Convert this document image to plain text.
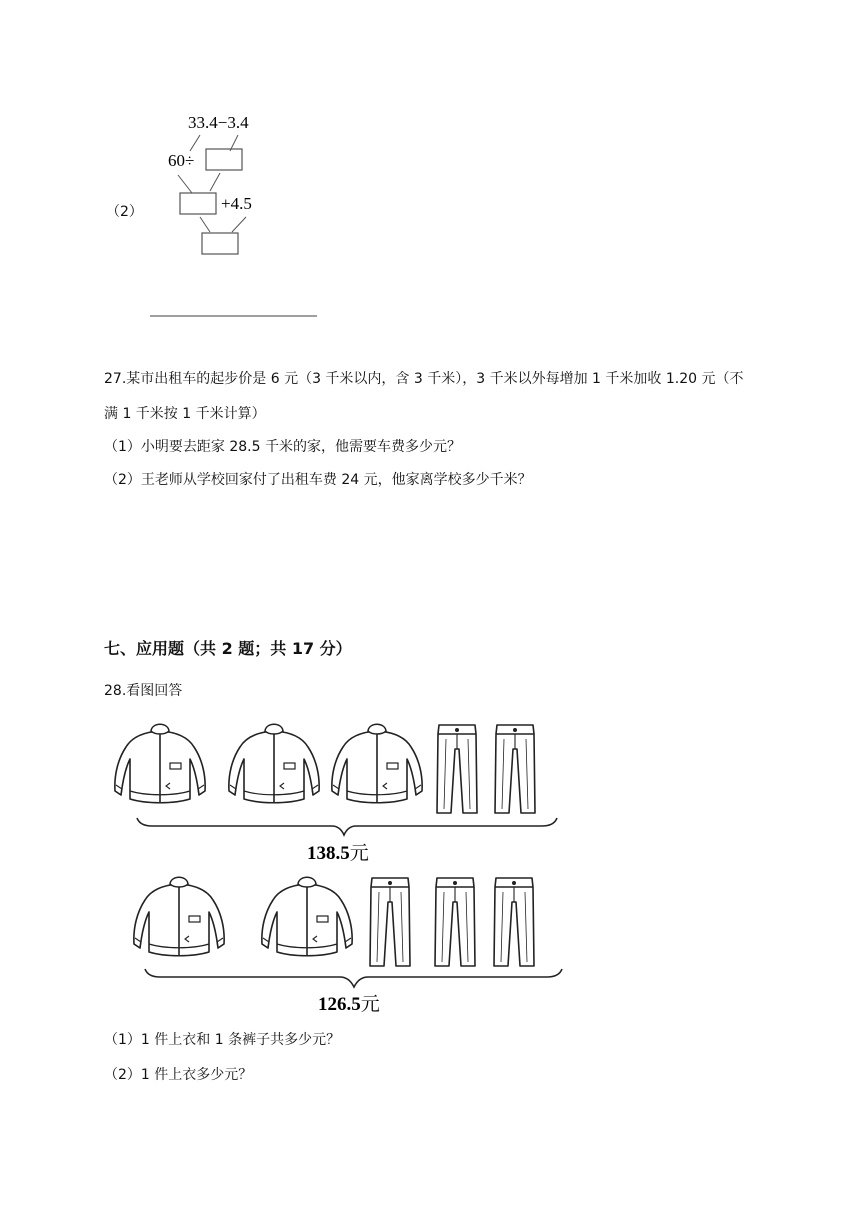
（2）
33.4−3.4
60÷
+4.5
27.某市出租车的起步价是 6 元（3 千米以内，含 3 千米），3 千米以外每增加 1 千米加收 1.20 元（不
满 1 千米按 1 千米计算）
（1）小明要去距家 28.5 千米的家，他需要车费多少元？
（2）王老师从学校回家付了出租车费 24 元，他家离学校多少千米？
七、应用题（共 2 题；共 17 分）
28.看图回答
138.5元
126.5元
（1）1 件上衣和 1 条裤子共多少元？
（2）1 件上衣多少元？
